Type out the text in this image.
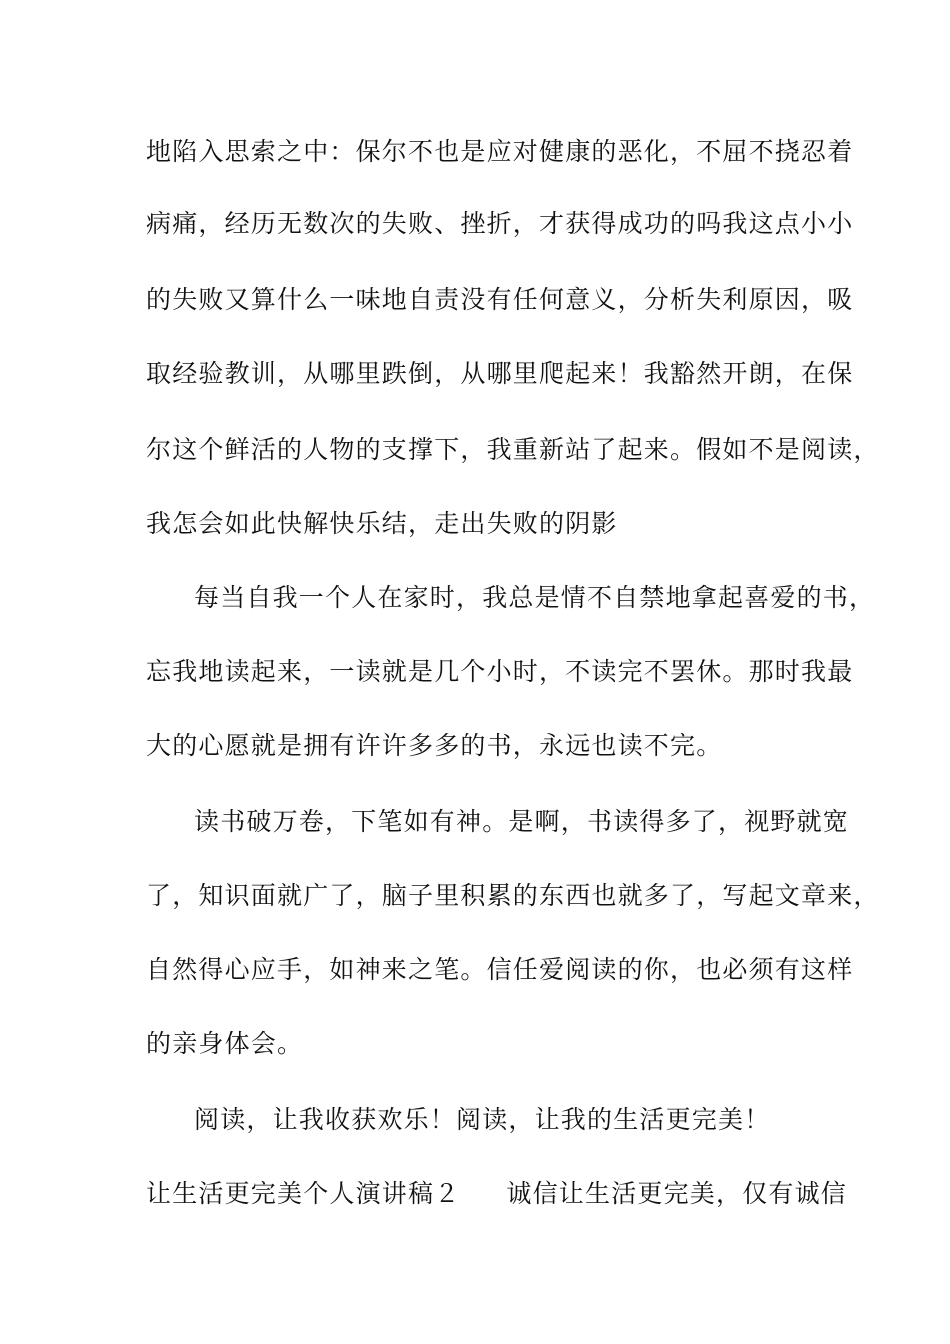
地陷入思索之中：保尔不也是应对健康的恶化，不屈不挠忍着
病痛，经历无数次的失败、挫折，才获得成功的吗我这点小小
的失败又算什么一味地自责没有任何意义，分析失利原因，吸
取经验教训，从哪里跌倒，从哪里爬起来！我豁然开朗，在保
尔这个鲜活的人物的支撑下，我重新站了起来。假如不是阅读，
我怎会如此快解快乐结，走出失败的阴影
每当自我一个人在家时，我总是情不自禁地拿起喜爱的书，
忘我地读起来，一读就是几个小时，不读完不罢休。那时我最
大的心愿就是拥有许许多多的书，永远也读不完。
读书破万卷，下笔如有神。是啊，书读得多了，视野就宽
了，知识面就广了，脑子里积累的东西也就多了，写起文章来，
自然得心应手，如神来之笔。信任爱阅读的你，也必须有这样
的亲身体会。
阅读，让我收获欢乐！阅读，让我的生活更完美！
让生活更完美个人演讲稿２ 诚信让生活更完美，仅有诚信
